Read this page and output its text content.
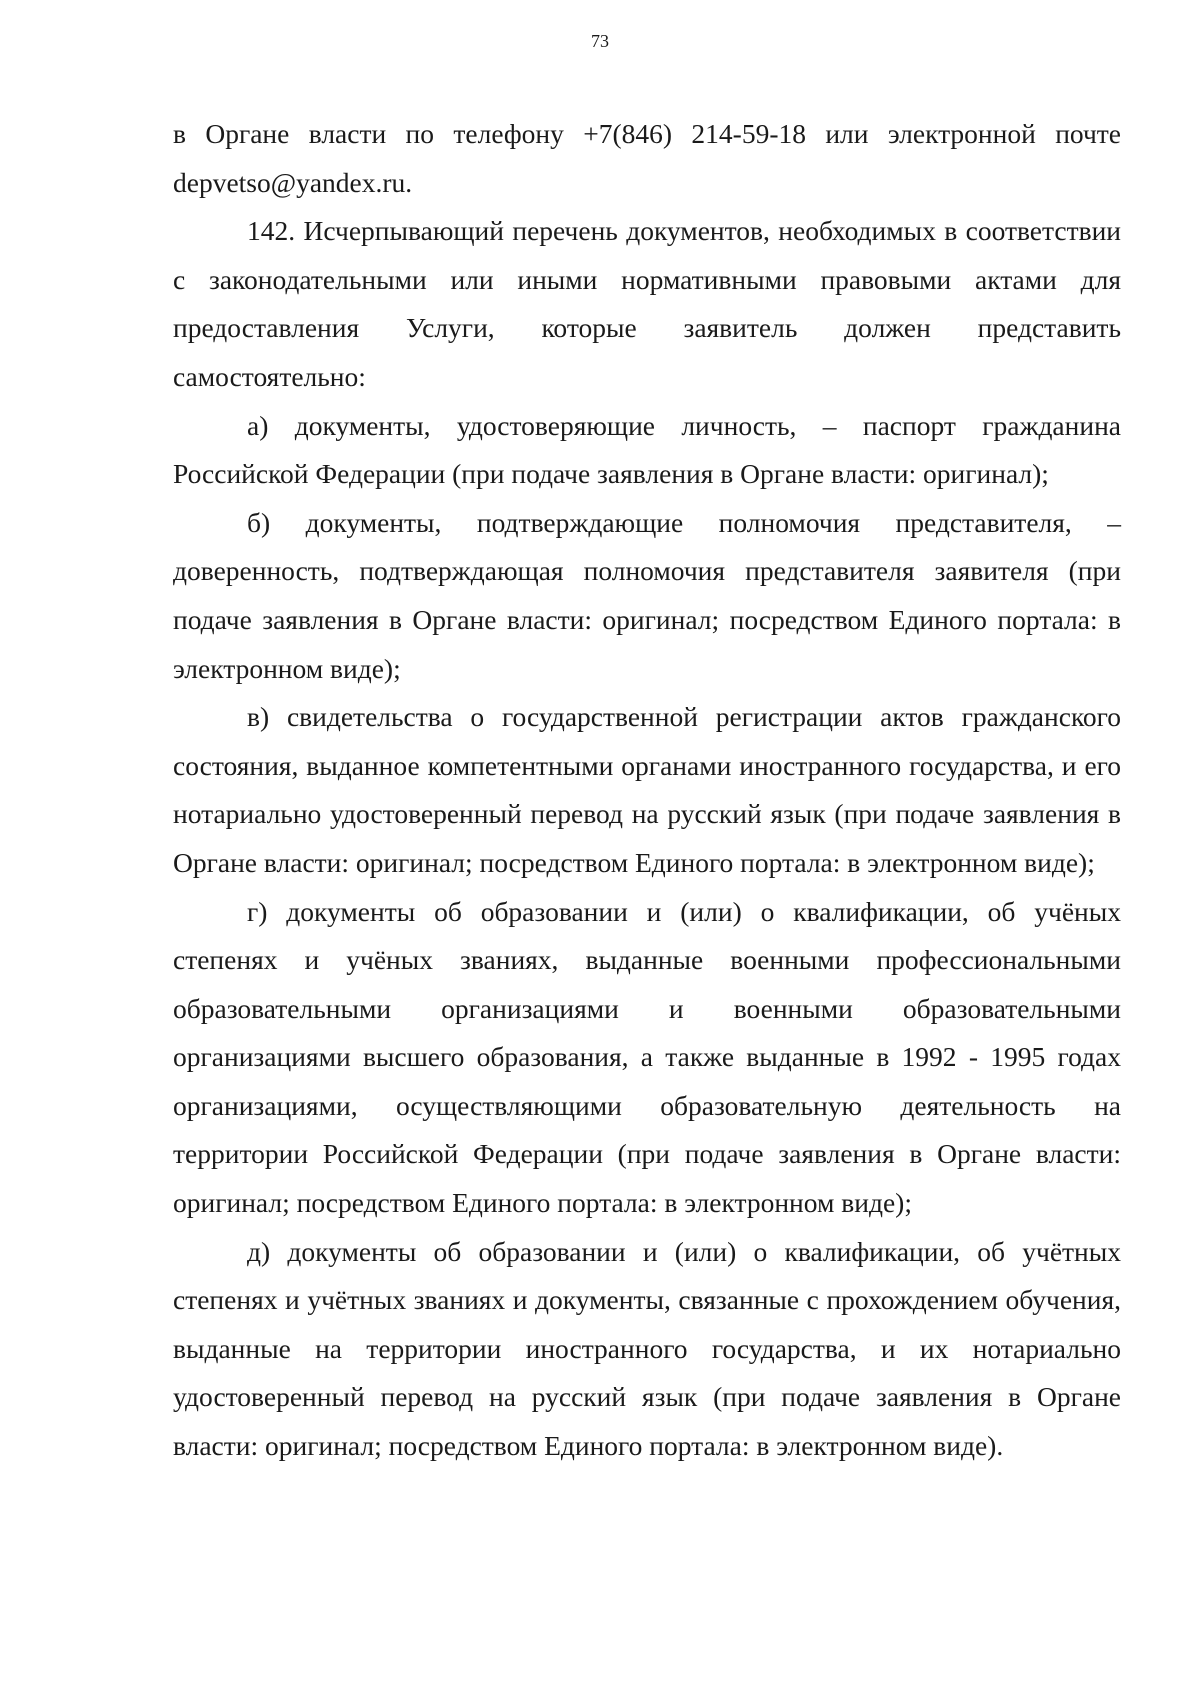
73

в Органе власти по телефону +7(846) 214-59-18 или электронной почте depvetso@yandex.ru.

142. Исчерпывающий перечень документов, необходимых в соответствии с законодательными или иными нормативными правовыми актами для предоставления Услуги, которые заявитель должен представить самостоятельно:

а) документы, удостоверяющие личность, – паспорт гражданина Российской Федерации (при подаче заявления в Органе власти: оригинал);

б) документы, подтверждающие полномочия представителя, – доверенность, подтверждающая полномочия представителя заявителя (при подаче заявления в Органе власти: оригинал; посредством Единого портала: в электронном виде);

в) свидетельства о государственной регистрации актов гражданского состояния, выданное компетентными органами иностранного государства, и его нотариально удостоверенный перевод на русский язык (при подаче заявления в Органе власти: оригинал; посредством Единого портала: в электронном виде);

г) документы об образовании и (или) о квалификации, об учёных степенях и учёных званиях, выданные военными профессиональными образовательными организациями и военными образовательными организациями высшего образования, а также выданные в 1992 - 1995 годах организациями, осуществляющими образовательную деятельность на территории Российской Федерации (при подаче заявления в Органе власти: оригинал; посредством Единого портала: в электронном виде);

д) документы об образовании и (или) о квалификации, об учётных степенях и учётных званиях и документы, связанные с прохождением обучения, выданные на территории иностранного государства, и их нотариально удостоверенный перевод на русский язык (при подаче заявления в Органе власти: оригинал; посредством Единого портала: в электронном виде).
